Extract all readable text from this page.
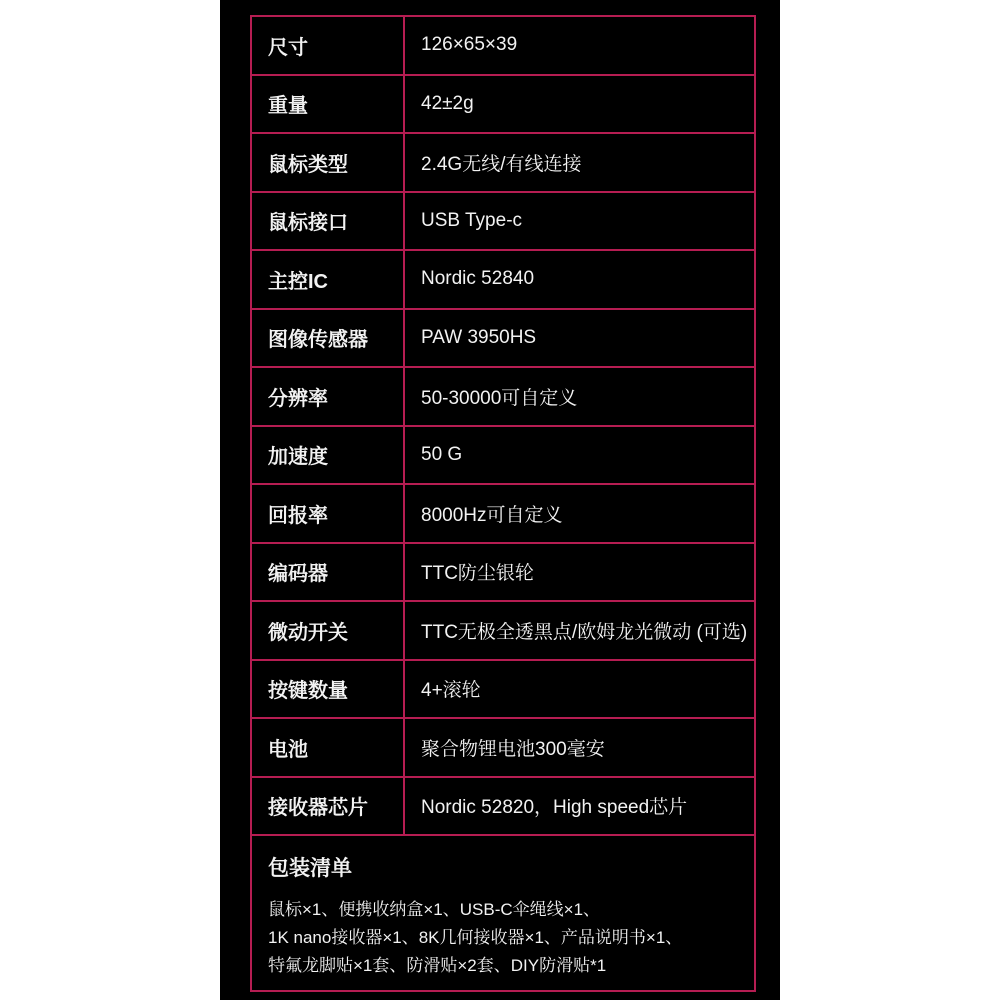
尺寸	126×65×39
重量	42±2g
鼠标类型	2.4G无线/有线连接
鼠标接口	USB Type-c
主控IC	Nordic 52840
图像传感器	PAW 3950HS
分辨率	50-30000可自定义
加速度	50 G
回报率	8000Hz可自定义
编码器	TTC防尘银轮
微动开关	TTC无极全透黑点/欧姆龙光微动 (可选)
按键数量	4+滚轮
电池	聚合物锂电池300毫安
接收器芯片	Nordic 52820，High speed芯片
包装清单
鼠标×1、便携收纳盒×1、USB-C伞绳线×1、
1K nano接收器×1、8K几何接收器×1、产品说明书×1、
特氟龙脚贴×1套、防滑贴×2套、DIY防滑贴*1
